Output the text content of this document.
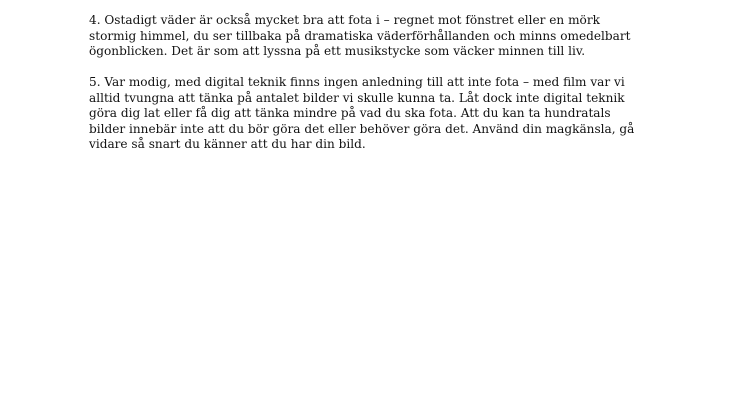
4. Ostadigt väder är också mycket bra att fota i – regnet mot fönstret eller en mörk
stormig himmel, du ser tillbaka på dramatiska väderförhållanden och minns omedelbart
ögonblicken. Det är som att lyssna på ett musikstycke som väcker minnen till liv.

5. Var modig, med digital teknik finns ingen anledning till att inte fota – med film var vi
alltid tvungna att tänka på antalet bilder vi skulle kunna ta. Låt dock inte digital teknik
göra dig lat eller få dig att tänka mindre på vad du ska fota. Att du kan ta hundratals
bilder innebär inte att du bör göra det eller behöver göra det. Använd din magkänsla, gå
vidare så snart du känner att du har din bild.
